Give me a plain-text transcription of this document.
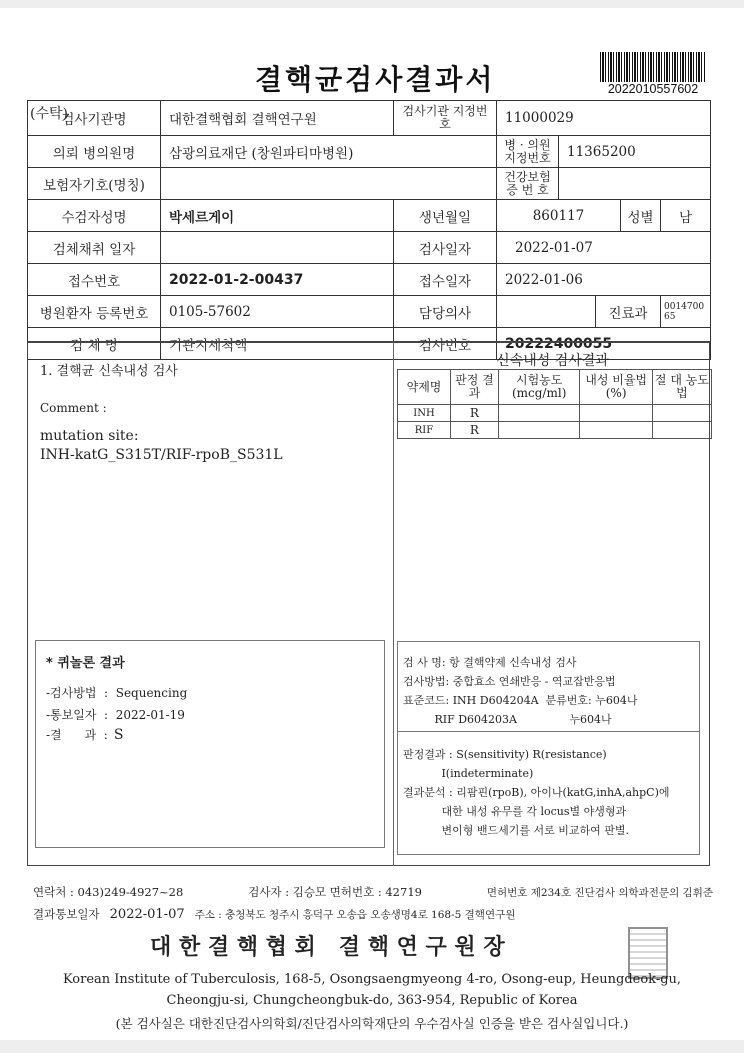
(수탁)
결핵균검사결과서	2022010557602
검사기관명	대한결핵협회 결핵연구원	검사기관 지정번호	11000029				
의뢰 병의원명	삼광의료재단 (창원파티마병원)		병 · 의원 지정번호	11365200			
보험자기호(명칭)			건강보험 증 번 호				
수검자성명	박세르게이	생년월일	860117			성별	남
검체채취 일자		검사일자	2022-01-07				
접수번호	2022-01-2-00437	접수일자	2022-01-06				
병원환자 등록번호	0105-57602	담당의사			진료과		001470065
검 체 명	기관지세척액	검사번호	20222400055				
1. 결핵균 신속내성 검사
Comment :
mutation site:
INH-katG_S315T/RIF-rpoB_S531L
* 퀴놀론 결과
-검사방법  :  Sequencing
-통보일자  :  2022-01-19
-결      과  : S
신속내성 검사결과
약제명	판정 결과	시험농도 (mcg/ml)	내성 비율법(%)	절 대 농도법
INH	R			
RIF	R			
검 사 명: 항 결핵약제 신속내성 검사
검사방법: 중합효소 연쇄반응 - 역교잡반응법
표준코드: INH D604204A  분류번호: 누604나
RIF D604203A               누604나
판정결과 : S(sensitivity) R(resistance)
I(indeterminate)
결과분석 : 리팜핀(rpoB), 아이나(katG,inhA,ahpC)에
대한 내성 유무를 각 locus별 야생형과
변이형 밴드세기를 서로 비교하여 판별.
연락처 : 043)249-4927~28	검사자 : 김승모 면허번호 : 42719	면허번호 제234호 진단검사 의학과전문의 김휘준
결과통보일자 2022-01-07 주소 : 충청북도 청주시 흥덕구 오송읍 오송생명4로 168-5 결핵연구원
대 한 결 핵 협 회   결 핵 연 구 원 장
Korean Institute of Tuberculosis, 168-5, Osongsaengmyeong 4-ro, Osong-eup, Heungdeok-gu,
Cheongju-si, Chungcheongbuk-do, 363-954, Republic of Korea
(본 검사실은 대한진단검사의학회/진단검사의학재단의 우수검사실 인증을 받은 검사실입니다.)
